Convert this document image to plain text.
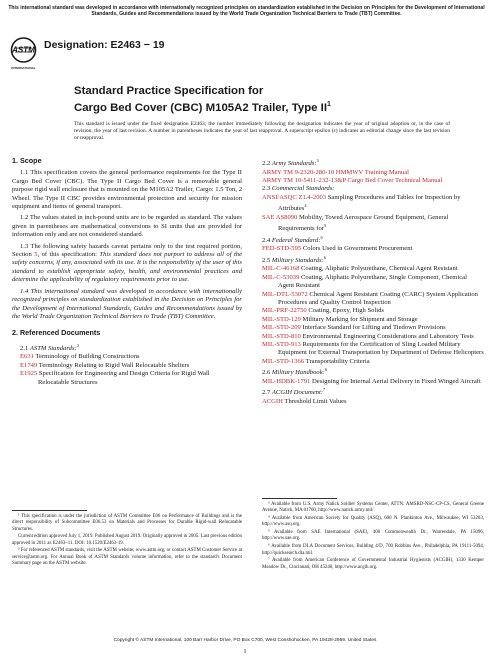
This international standard was developed in accordance with internationally recognized principles on standardization established in the Decision on Principles for the Development of International Standards, Guides and Recommendations issued by the World Trade Organization Technical Barriers to Trade (TBT) Committee.
ASTM
INTERNATIONAL
Designation: E2463 − 19
Standard Practice Specification for
Cargo Bed Cover (CBC) M105A2 Trailer, Type $II^1$
This standard is issued under the fixed designation E2463; the number immediately following the designation indicates the year of original adoption or, in the case of revision, the year of last revision. A number in parentheses indicates the year of last reapproval. A superscript epsilon (ε) indicates an editorial change since the last revision or reapproval.
1. Scope

1.1 This specification covers the general performance requirements for the Type II Cargo Bed Cover (CBC). The Type II Cargo Bed Cover is a removable general purpose rigid wall enclosure that is mounted on the M105A2 Trailer, Cargo: 1.5 Ton, 2 Wheel. The Type II CBC provides environmental protection and security for mission equipment and items of general transport.

1.2 The values stated in inch-pound units are to be regarded as standard. The values given in parentheses are mathematical conversions to SI units that are provided for information only and are not considered standard.

1.3 The following safety hazards caveat pertains only to the test required portion, Section 5, of this specification: This standard does not purport to address all of the safety concerns, if any, associated with its use. It is the responsibility of the user of this standard to establish appropriate safety, health, and environmental practices and determine the applicability of regulatory requirements prior to use.

1.4 This international standard was developed in accordance with internationally recognized principles on standardization established in the Decision on Principles for the Development of International Standards, Guides and Recommendations issued by the World Trade Organization Technical Barriers to Trade (TBT) Committee.

2. Referenced Documents
2.1 ASTM Standards:$^2$
E631 Terminology of Building Constructions
E1749 Terminology Relating to Rigid Wall Relocatable Shelters
E1925 Specification for Engineering and Design Criteria for Rigid Wall Relocatable Structures
2.2 Army Standards:$^3$
ARMY TM 9-2320-280-10 HMMWV Training Manual
ARMY TM 10-5411-232-13&P Cargo Bed Cover Technical Manual
2.3 Commercial Standards:
ANSI/ASQC Z1.4-2003 Sampling Procedures and Tables for Inspection by Attributes$^4$
SAE AS8090 Mobility, Towed Aerospace Ground Equipment, General Requirements for$^5$
2.4 Federal Standard:$^6$
FED-STD-595 Colors Used in Government Procurement
2.5 Military Standards:$^6$
MIL-C-46168 Coating, Aliphatic Polyurethane, Chemical Agent Resistant
MIL-C-53039 Coating, Aliphatic Polyurethane, Single Component, Chemical Agent Resistant
MIL-DTL-53072 Chemical Agent Resistant Coating (CARC) System Application Procedures and Quality Control Inspection
MIL-PRF-22750 Coating, Epoxy, High Solids
MIL-STD-129 Military Marking for Shipment and Storage
MIL-STD-209 Interface Standard for Lifting and Tiedown Provisions
MIL-STD-810 Environmental Engineering Considerations and Laboratory Tests
MIL-STD-913 Requirements for the Certification of Sling Loaded Military Equipment for External Transportation by Department of Defense Helicopters
MIL-STD-1366 Transportability Criteria
2.6 Military Handbook:$^6$
MIL-HDBK-1791 Designing for Internal Aerial Delivery in Fixed Winged Aircraft
2.7 ACGIH Document:$^7$
ACGIH Threshold Limit Values

¹ This specification is under the jurisdiction of ASTM Committee E06 on Performance of Buildings and is the direct responsibility of Subcommittee E06.53 on Materials and Processes for Durable Rigid-wall Relocatable Structures.

Current edition approved July 1, 2019. Published August 2019. Originally approved in 2005. Last previous edition approved in 2011 as E2463–11. DOI: 10.1520/E2463-19.

² For referenced ASTM standards, visit the ASTM website, www.astm.org, or contact ASTM Customer Service at service@astm.org. For Annual Book of ASTM Standards volume information, refer to the standard's Document Summary page on the ASTM website.

³ Available from U.S. Army Natick Soldier Systems Center, ATTN: AMSRD-NSC-CP-CS, General Greene Avenue, Natick, MA 01760, http://www.natick.army.mil/.

⁴ Available from American Society for Quality (ASQ), 600 N. Plankinton Ave., Milwaukee, WI 53203, http://www.asq.org.

⁵ Available from SAE International (SAE), 400 Commonwealth Dr., Warrendale, PA 15096, http://www.sae.org.

⁶ Available from DLA Document Services, Building 4/D, 700 Robbins Ave., Philadelphia, PA 19111-5094, http://quicksearch.dla.mil.

⁷ Available from American Conference of Governmental Industrial Hygienists (ACGIH), 1330 Kemper Meadow Dr., Cincinnati, OH 45240, http://www.acgih.org.

Copyright © ASTM International, 100 Barr Harbor Drive, PO Box C700, West Conshohocken, PA 19428-2959. United States
1
